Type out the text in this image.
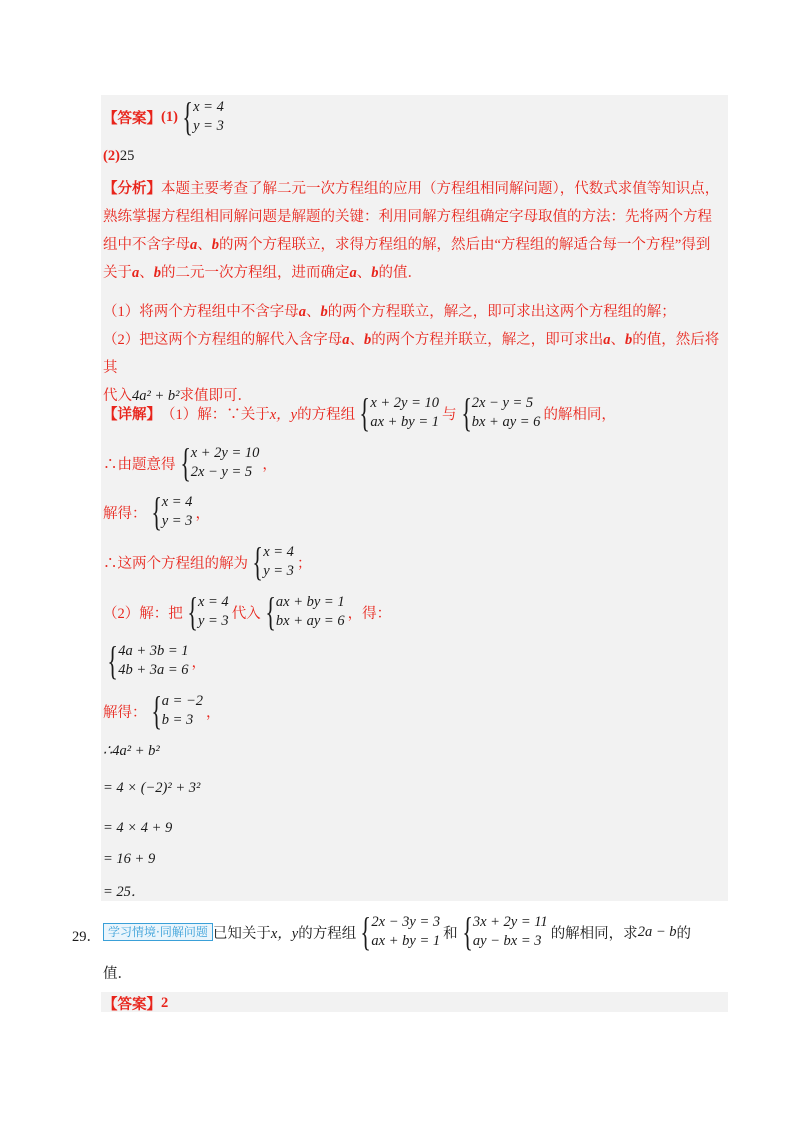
【答案】 (1) { x = 4
y = 3
(2) 25
【分析】本题主要考查了解二元一次方程组的应用（方程组相同解问题），代数式求值等知识点，熟练掌握方程组相同解问题是解题的关键：利用同解方程组确定字母取值的方法：先将两个方程组中不含字母a、b的两个方程联立，求得方程组的解，然后由“方程组的解适合每一个方程”得到关于a、b的二元一次方程组，进而确定a、b的值．
（1）将两个方程组中不含字母a、b的两个方程联立，解之，即可求出这两个方程组的解；
（2）把这两个方程组的解代入含字母a、b的两个方程并联立，解之，即可求出a、b的值，然后将其
代入4a² + b²求值即可．
【详解】 （1）解：∵关于 x，y 的方程组 { x + 2y = 10
ax + by = 1 与 { 2x − y = 5
bx + ay = 6 的解相同，
∴由题意得 { x + 2y = 10
2x − y = 5 ，
解得： { x = 4
y = 3 ，
∴这两个方程组的解为 { x = 4
y = 3 ；
（2）解：把 { x = 4
y = 3 代入 { ax + by = 1
bx + ay = 6 ，得：
{ 4a + 3b = 1
4b + 3a = 6 ，
解得： { a = −2
b = 3 ，
∴4a² + b²
= 4 × (−2)² + 3²
= 4 × 4 + 9
= 16 + 9
= 25．
29． 学习情境·同解问题 已知关于 x，y 的方程组 { 2x − 3y = 3
ax + by = 1 和 { 3x + 2y = 11
ay − bx = 3 的解相同，求 2a − b 的
值．
【答案】 2
